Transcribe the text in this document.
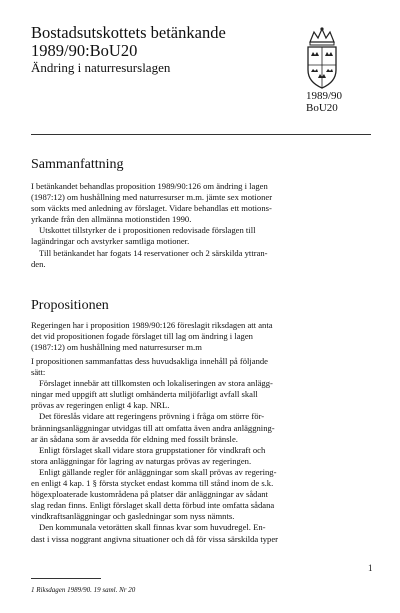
Bostadsutskottets betänkande
1989/90:BoU20
Ändring i naturresurslagen
1989/90
BoU20
Sammanfattning
I betänkandet behandlas proposition 1989/90:126 om ändring i lagen
(1987:12) om hushållning med naturresurser m.m. jämte sex motioner
som väckts med anledning av förslaget. Vidare behandlas ett motions-
yrkande från den allmänna motionstiden 1990.
Utskottet tillstyrker de i propositionen redovisade förslagen till
lagändringar och avstyrker samtliga motioner.
Till betänkandet har fogats 14 reservationer och 2 särskilda yttran-
den.
Propositionen
Regeringen har i proposition 1989/90:126 föreslagit riksdagen att anta
det vid propositionen fogade förslaget till lag om ändring i lagen
(1987:12) om hushållning med naturresurser m.m
I propositionen sammanfattas dess huvudsakliga innehåll på följande
sätt:
Förslaget innebär att tillkomsten och lokaliseringen av stora anlägg-
ningar med uppgift att slutligt omhänderta miljöfarligt avfall skall
prövas av regeringen enligt 4 kap. NRL.
Det föreslås vidare att regeringens prövning i fråga om större för-
bränningsanläggningar utvidgas till att omfatta även andra anläggning-
ar än sådana som är avsedda för eldning med fossilt bränsle.
Enligt förslaget skall vidare stora gruppstationer för vindkraft och
stora anläggningar för lagring av naturgas prövas av regeringen.
Enligt gällande regler för anläggningar som skall prövas av regering-
en enligt 4 kap. 1 § första stycket endast komma till stånd inom de s.k.
högexploaterade kustområdena på platser där anläggningar av sådant
slag redan finns. Enligt förslaget skall detta förbud inte omfatta sådana
vindkraftsanläggningar och gasledningar som nyss nämnts.
Den kommunala vetorätten skall finnas kvar som huvudregel. En-
dast i vissa noggrant angivna situationer och då för vissa särskilda typer
1
1 Riksdagen 1989/90. 19 saml. Nr 20
